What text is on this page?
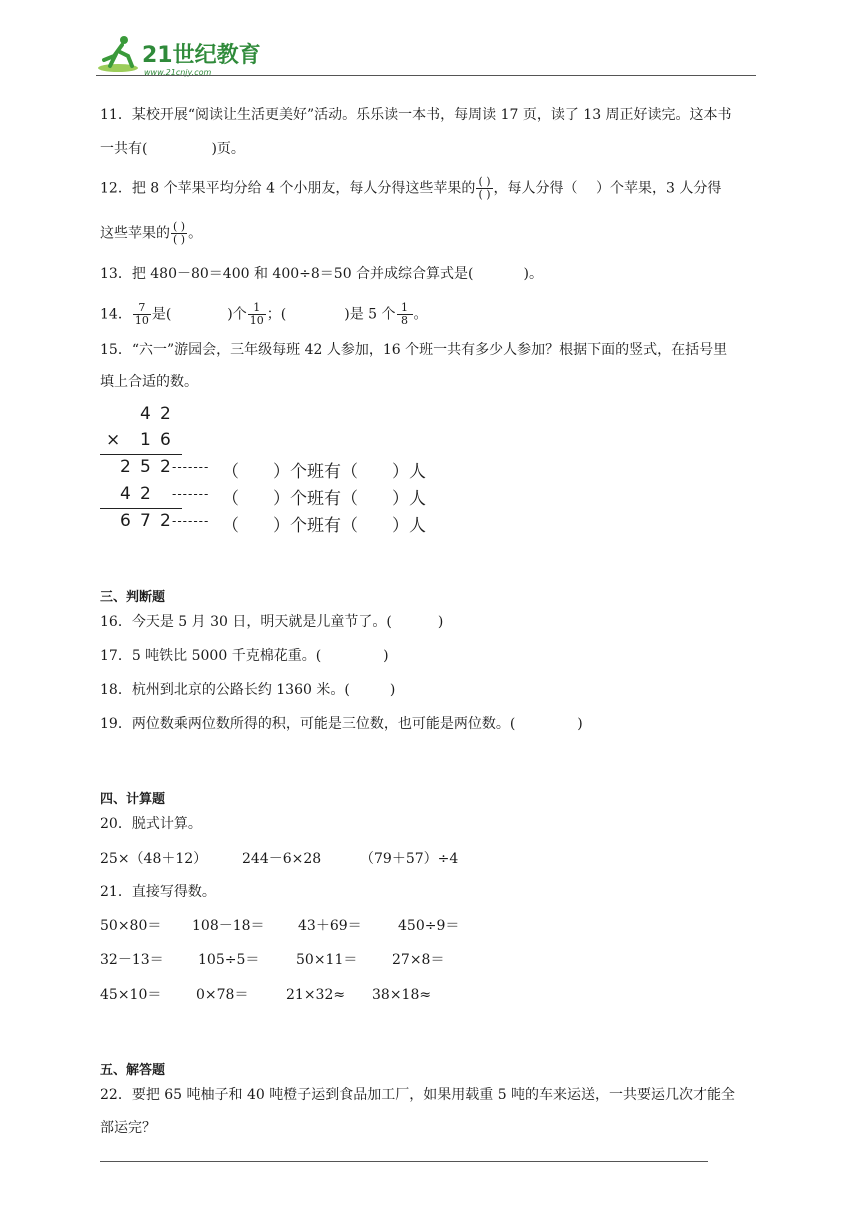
21世纪教育
www.21cnjy.com
11．某校开展“阅读让生活更美好”活动。乐乐读一本书，每周读 17 页，读了 13 周正好读完。这本书
一共有(	)页。
12．把 8 个苹果平均分给 4 个小朋友，每人分得这些苹果的 $\frac{( )}{( )}$ ，每人分得（　 ）个苹果，3 人分得
这些苹果的 $\frac{( )}{( )}$ 。
13．把 480－80＝400 和 400÷8＝50 合并成综合算式是(	)。
14． $\frac{7}{10}$ 是(	)个 $\frac{1}{10}$ ；(	)是 5 个 $\frac{1}{8}$ 。
15．“六一”游园会，三年级每班 42 人参加，16 个班一共有多少人参加？根据下面的竖式，在括号里
填上合适的数。
4 2
× 1 6
2 5 2 ------- （　　）个班有（　　）人
4 2 ------- （　　）个班有（　　）人
6 7 2 ------- （　　）个班有（　　）人
三、判断题
16．今天是 5 月 30 日，明天就是儿童节了。(	)
17．5 吨铁比 5000 千克棉花重。(	)
18．杭州到北京的公路长约 1360 米。(	)
19．两位数乘两位数所得的积，可能是三位数，也可能是两位数。(	)
四、计算题
20．脱式计算。
25×（48＋12） 244－6×28	（79＋57）÷4
21．直接写得数。
50×80＝ 108－18＝ 43＋69＝	450÷9＝
32－13＝ 105÷5＝	50×11＝ 27×8＝
45×10＝ 0×78＝	21×32≈ 38×18≈
五、解答题
22．要把 65 吨柚子和 40 吨橙子运到食品加工厂，如果用载重 5 吨的车来运送，一共要运几次才能全
部运完？
